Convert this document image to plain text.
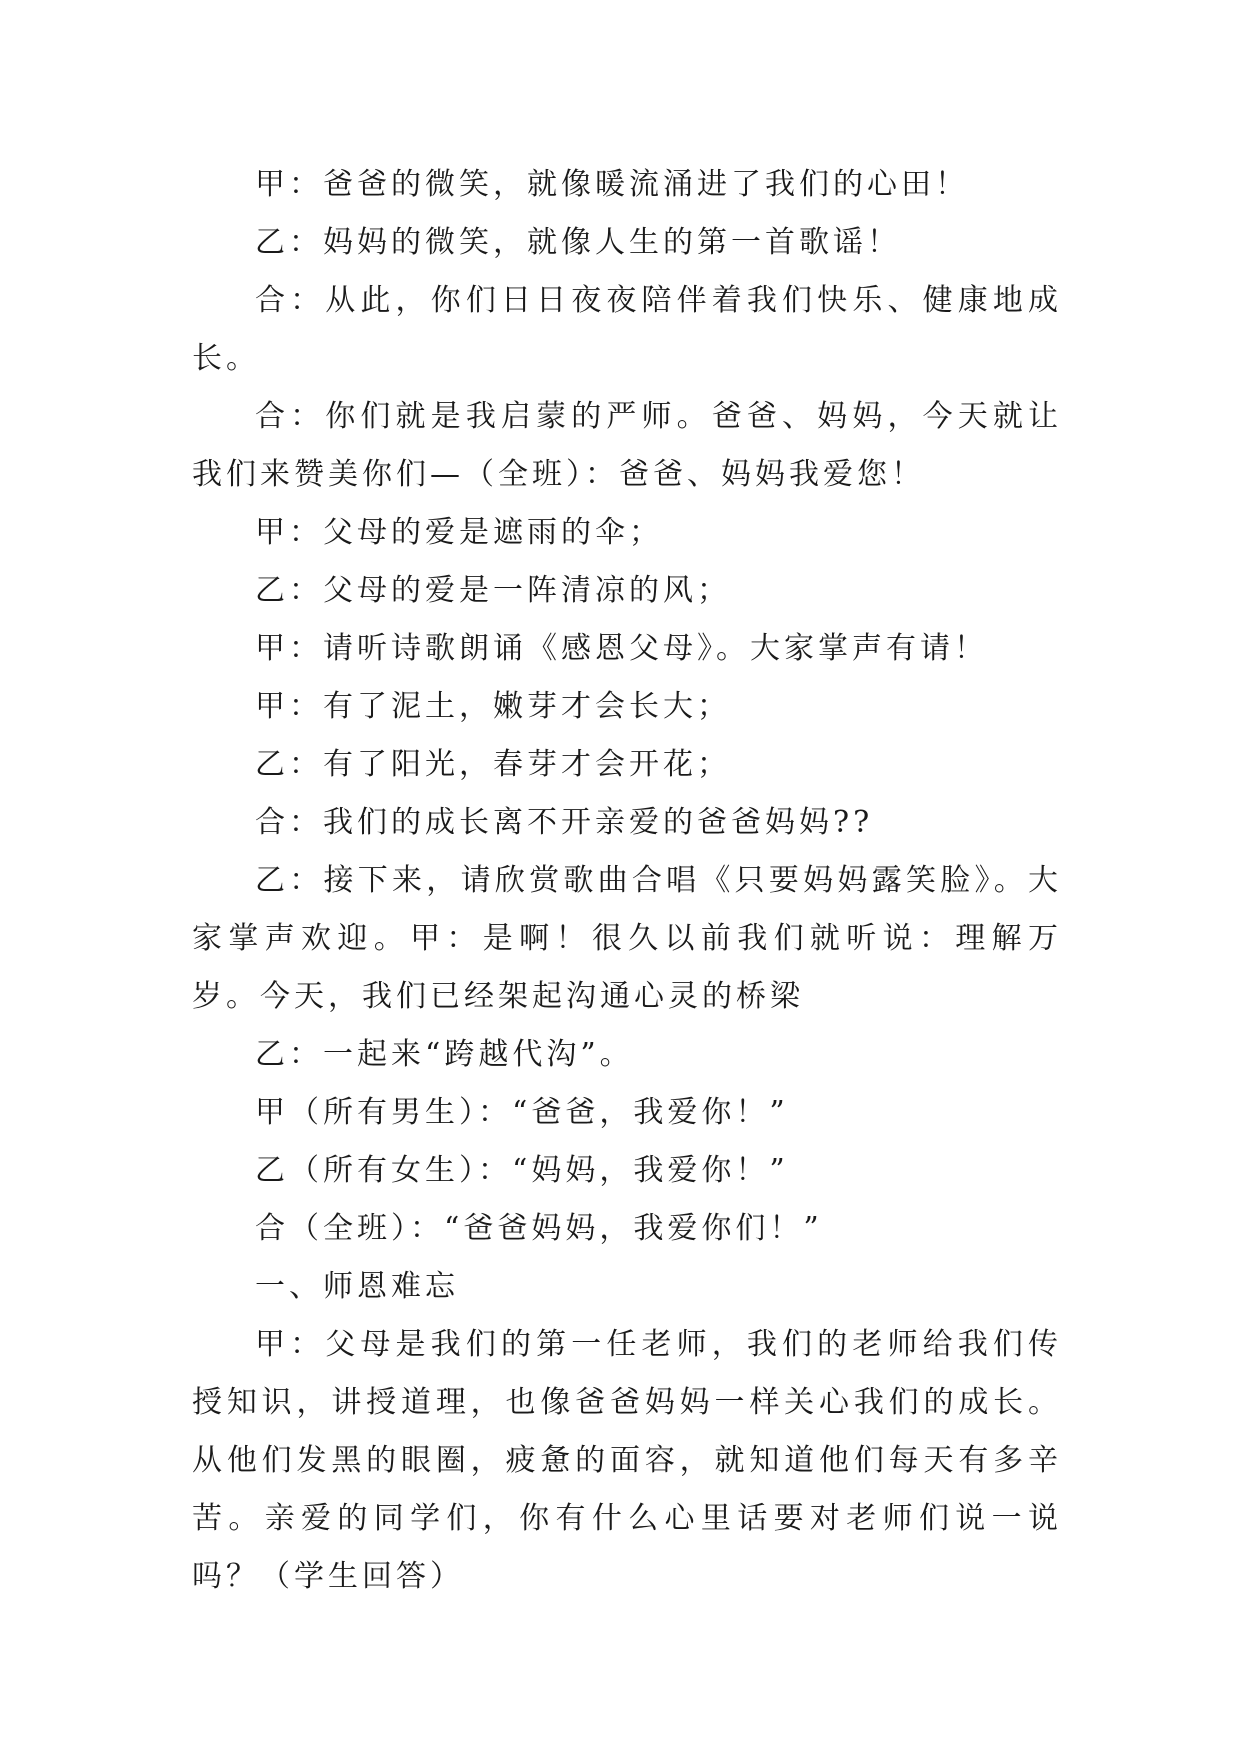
甲：爸爸的微笑，就像暖流涌进了我们的心田！

乙：妈妈的微笑，就像人生的第一首歌谣！

合：从此，你们日日夜夜陪伴着我们快乐、健康地成长。

合：你们就是我启蒙的严师。爸爸、妈妈，今天就让我们来赞美你们—（全班）：爸爸、妈妈我爱您！

甲：父母的爱是遮雨的伞；

乙：父母的爱是一阵清凉的风；

甲：请听诗歌朗诵《感恩父母》。大家掌声有请！

甲：有了泥土，嫩芽才会长大；

乙：有了阳光，春芽才会开花；

合：我们的成长离不开亲爱的爸爸妈妈??

乙：接下来，请欣赏歌曲合唱《只要妈妈露笑脸》。大家掌声欢迎。甲：是啊！很久以前我们就听说：理解万岁。今天，我们已经架起沟通心灵的桥梁

乙：一起来“跨越代沟”。

甲（所有男生）：“爸爸，我爱你！”

乙（所有女生）：“妈妈，我爱你！”

合（全班）：“爸爸妈妈，我爱你们！”

一、师恩难忘

甲：父母是我们的第一任老师，我们的老师给我们传授知识，讲授道理，也像爸爸妈妈一样关心我们的成长。从他们发黑的眼圈，疲惫的面容，就知道他们每天有多辛苦。亲爱的同学们，你有什么心里话要对老师们说一说吗？（学生回答）
